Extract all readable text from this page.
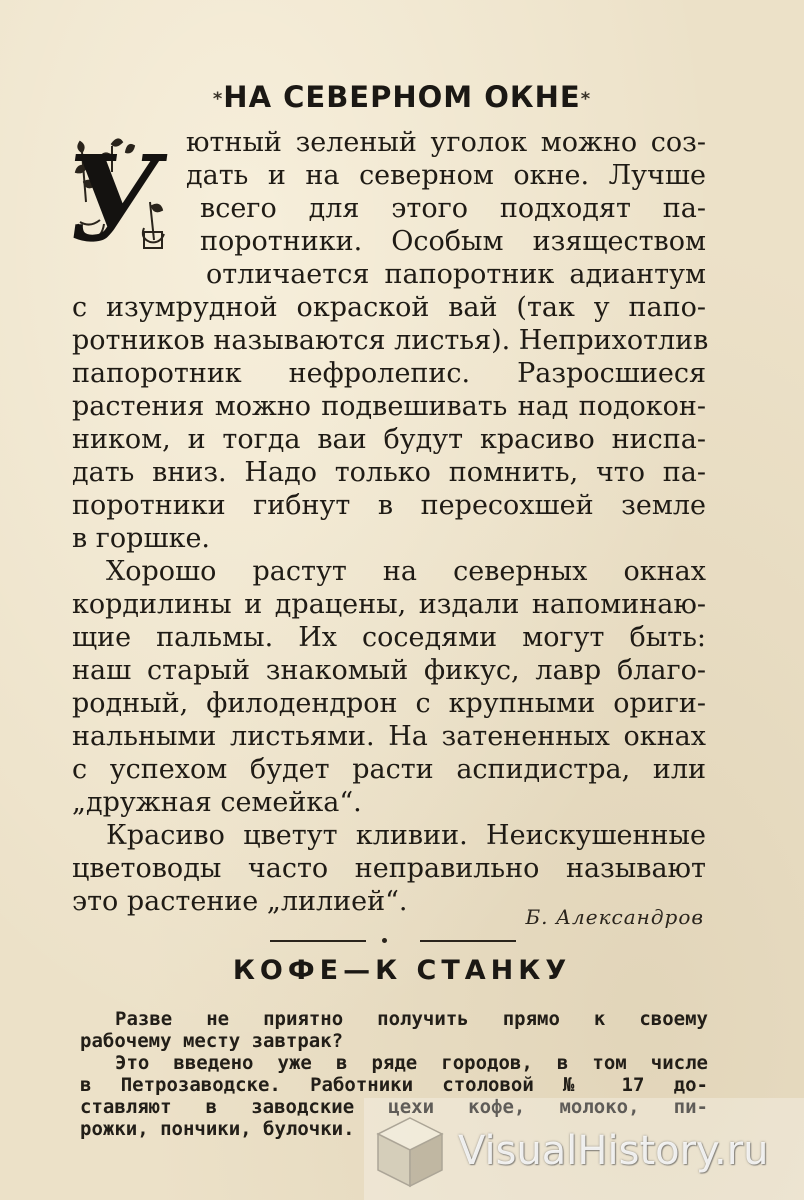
*НА СЕВЕРНОМ ОКНЕ*
У ютный зеленый уголок можно соз-
дать и на северном окне. Лучше
всего для этого подходят па-
поротники. Особым изяществом
отличается папоротник адиантум
с изумрудной окраской вай (так у папо-
ротников называются листья). Неприхотлив
папоротник нефролепис. Разросшиеся
растения можно подвешивать над подокон-
ником, и тогда ваи будут красиво ниспа-
дать вниз. Надо только помнить, что па-
поротники гибнут в пересохшей земле
в горшке.
Хорошо растут на северных окнах
кордилины и драцены, издали напоминаю-
щие пальмы. Их соседями могут быть:
наш старый знакомый фикус, лавр благо-
родный, филодендрон с крупными ориги-
нальными листьями. На затененных окнах
с успехом будет расти аспидистра, или
„дружная семейка“.
Красиво цветут кливии. Неискушенные
цветоводы часто неправильно называют
это растение „лилией“.	Б. Александров
КОФЕ—К СТАНКУ
Разве не приятно получить прямо к своему
рабочему месту завтрак?
Это введено уже в ряде городов, в том числе
в Петрозаводске. Работники столовой № 17 до-
ставляют в заводские цехи кофе, молоко, пи-
рожки, пончики, булочки.	VisualHistory.ru
